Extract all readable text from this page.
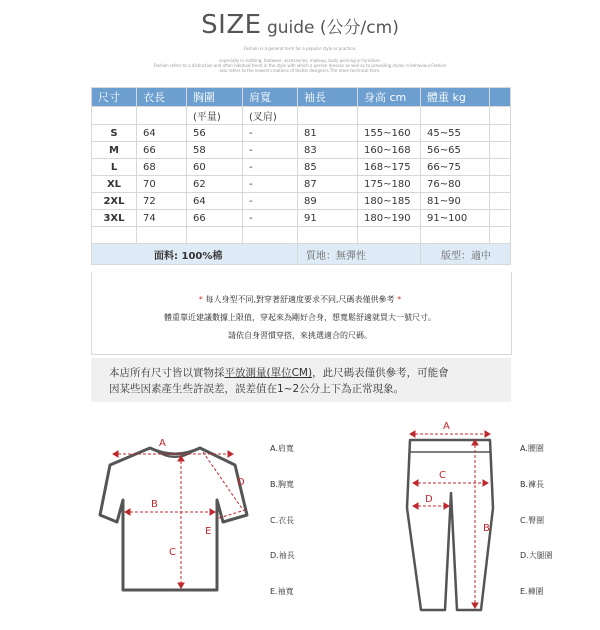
SIZE guide (公分/cm)
Fashion is a general term for a popular style or practice,
especially in clothing, footwear, accessories, makeup, body piercing or furniture.
Fashion refers to a distinctive and often habitual trend in the style with which a person dresses as well as to prevailing styles in behaviour.Fashion
also refers to the newest creations of textile designers.The more technical term,
尺寸	衣長	胸圍	肩寬	袖長	身高 cm	體重 kg	
		(平量)	(叉肩)				
S	64	56	-	81	155~160	45~55	
M	66	58	-	83	160~168	56~65	
L	68	60	-	85	168~175	66~75	
XL	70	62	-	87	175~180	76~80	
2XL	72	64	-	89	180~185	81~90	
3XL	74	66	-	91	180~190	91~100	

面料: 100%棉				質地：無彈性		版型：適中	
* 每人身型不同,對穿著舒適度要求不同,尺碼表僅供參考 *
體重靠近建議數據上限值，穿起來為剛好合身，想寬鬆舒適就買大一號尺寸。
請依自身習慣穿搭，來挑選適合的尺碼。
本店所有尺寸皆以實物採平放測量(單位CM)，此尺碼表僅供參考，可能會
因某些因素產生些許誤差，誤差值在1~2公分上下為正常現象。
A
B
C
D
E
A.肩寬
B.胸寬
C.衣長
D.袖長
E.袖寬
A
C
D
B
A.腰圍
B.褲長
C.臀圍
D.大腿圍
E.褲圍
